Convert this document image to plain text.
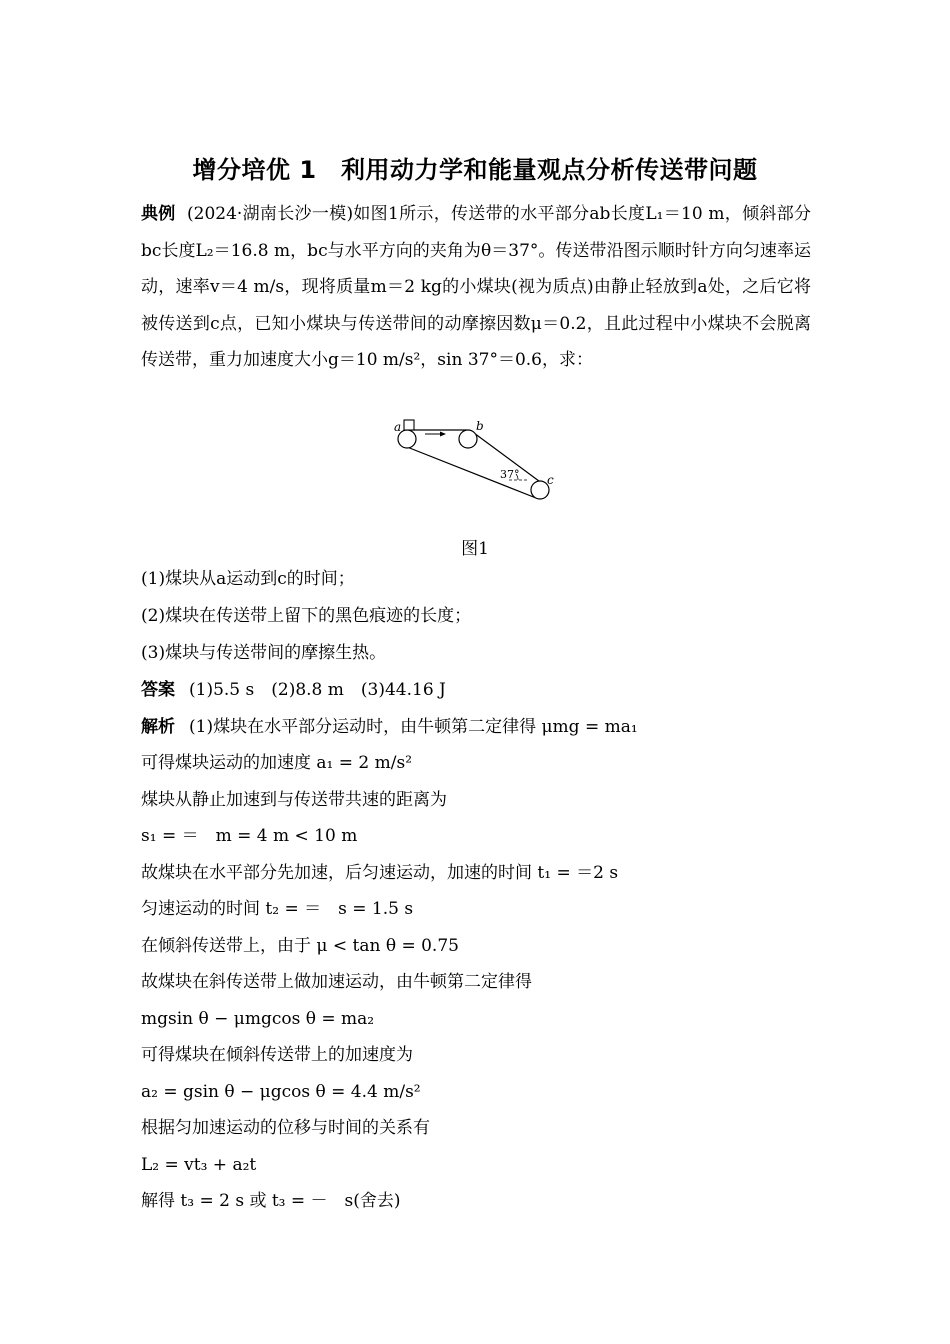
增分培优 1　利用动力学和能量观点分析传送带问题
典例 (2024·湖南长沙一模)如图1所示，传送带的水平部分ab长度L₁＝10 m，倾斜部分bc长度L₂＝16.8 m，bc与水平方向的夹角为θ＝37°。传送带沿图示顺时针方向匀速率运动，速率v＝4 m/s，现将质量m＝2 kg的小煤块(视为质点)由静止轻放到a处，之后它将被传送到c点，已知小煤块与传送带间的动摩擦因数μ＝0.2，且此过程中小煤块不会脱离传送带，重力加速度大小g＝10 m/s²，sin 37°＝0.6，求：
a	b
c
37°
图1
(1)煤块从a运动到c的时间；
(2)煤块在传送带上留下的黑色痕迹的长度；
(3)煤块与传送带间的摩擦生热。
答案 (1)5.5 s　(2)8.8 m　(3)44.16 J
解析 (1)煤块在水平部分运动时，由牛顿第二定律得 μmg = ma₁
可得煤块运动的加速度 a₁ = 2 m/s²
煤块从静止加速到与传送带共速的距离为
s₁ = ＝　m = 4 m < 10 m
故煤块在水平部分先加速，后匀速运动，加速的时间 t₁ = ＝2 s
匀速运动的时间 t₂ = ＝　s = 1.5 s
在倾斜传送带上，由于 μ < tan θ = 0.75
故煤块在斜传送带上做加速运动，由牛顿第二定律得
mgsin θ − μmgcos θ = ma₂
可得煤块在倾斜传送带上的加速度为
a₂ = gsin θ − μgcos θ = 4.4 m/s²
根据匀加速运动的位移与时间的关系有
L₂ = vt₃ + a₂t
解得 t₃ = 2 s 或 t₃ = －　s(舍去)
